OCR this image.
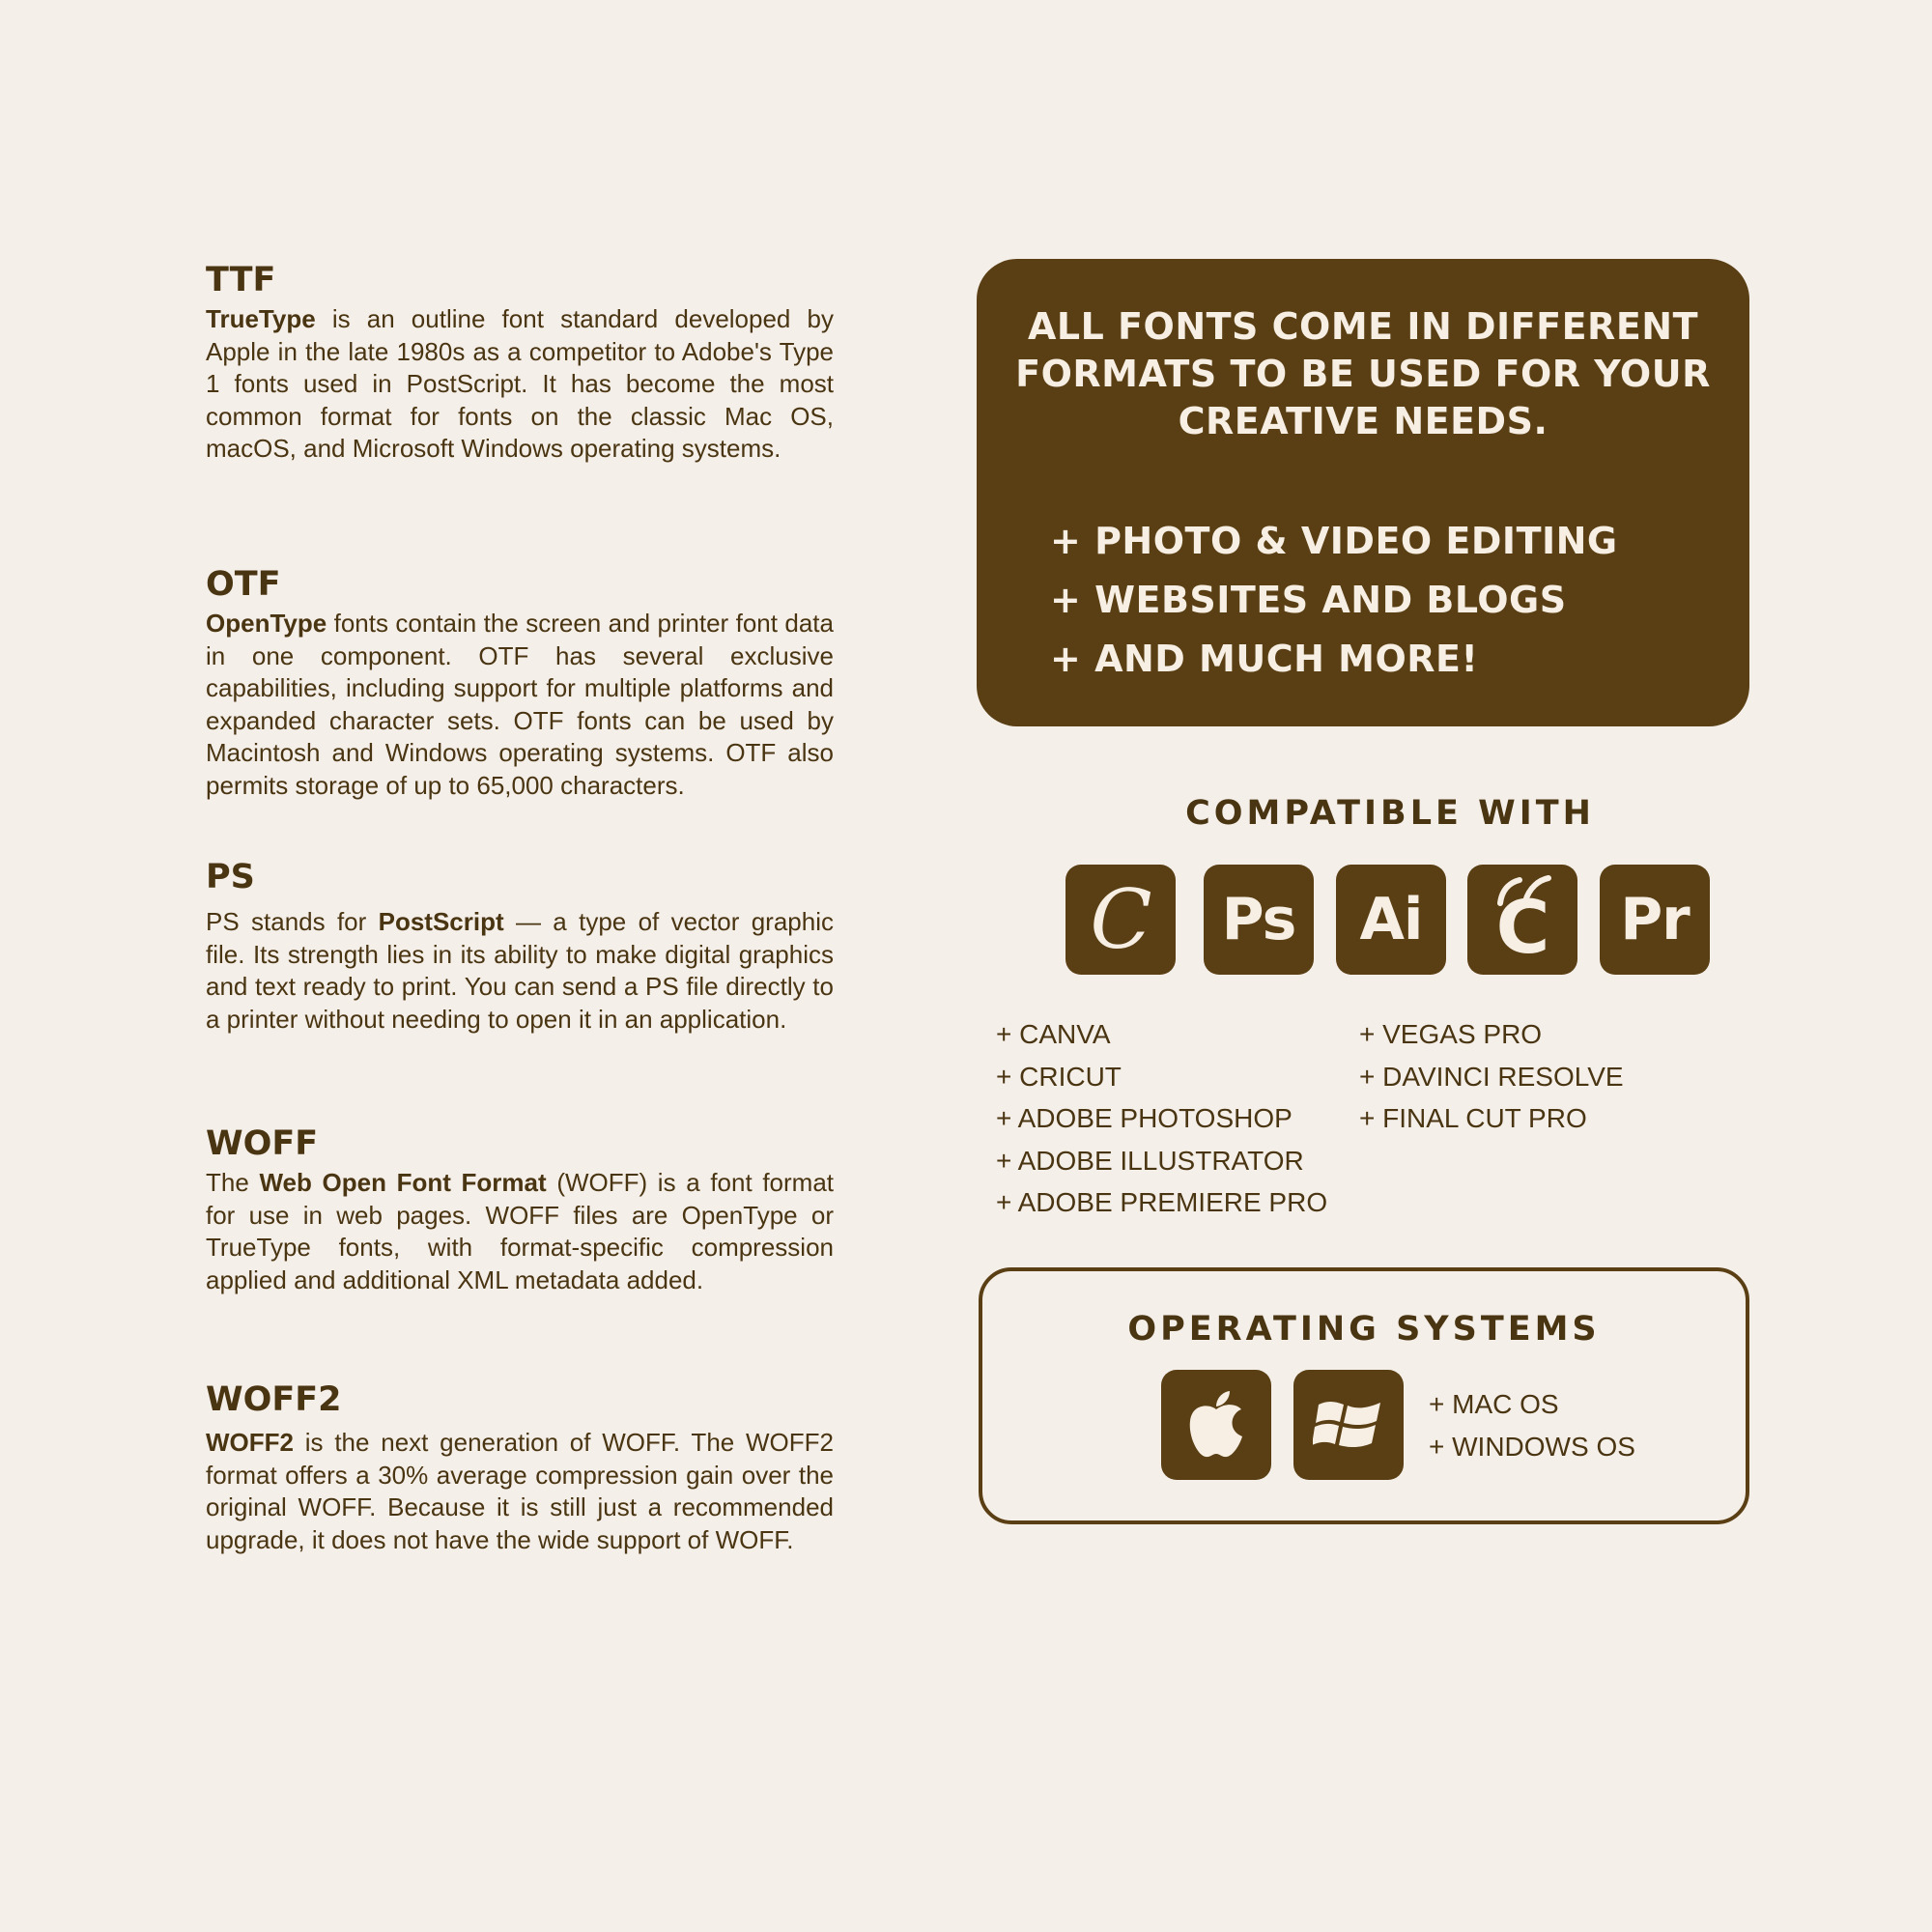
TTF

TrueType is an outline font standard developed by Apple in the late 1980s as a competitor to Adobe's Type 1 fonts used in PostScript. It has become the most common format for fonts on the classic Mac OS, macOS, and Microsoft Windows operating systems.

OTF

OpenType fonts contain the screen and printer font data in one component. OTF has several exclusive capabilities, including support for multiple platforms and expanded character sets. OTF fonts can be used by Macintosh and Windows operating systems. OTF also permits storage of up to 65,000 characters.

PS

PS stands for PostScript — a type of vector graphic file. Its strength lies in its ability to make digital graphics and text ready to print. You can send a PS file directly to a printer without needing to open it in an application.

WOFF

The Web Open Font Format (WOFF) is a font format for use in web pages. WOFF files are OpenType or TrueType fonts, with format-specific compression applied and additional XML metadata added.

WOFF2

WOFF2 is the next generation of WOFF. The WOFF2 format offers a 30% average compression gain over the original WOFF. Because it is still just a recommended upgrade, it does not have the wide support of WOFF.

ALL FONTS COME IN DIFFERENT FORMATS TO BE USED FOR YOUR CREATIVE NEEDS.

+ PHOTO & VIDEO EDITING
+ WEBSITES AND BLOGS
+ AND MUCH MORE!
COMPATIBLE WITH
C Ps Ai C Pr
+ CANVA
+ CRICUT
+ ADOBE PHOTOSHOP
+ ADOBE ILLUSTRATOR
+ ADOBE PREMIERE PRO
+ VEGAS PRO
+ DAVINCI RESOLVE
+ FINAL CUT PRO
OPERATING SYSTEMS
+ MAC OS
+ WINDOWS OS
